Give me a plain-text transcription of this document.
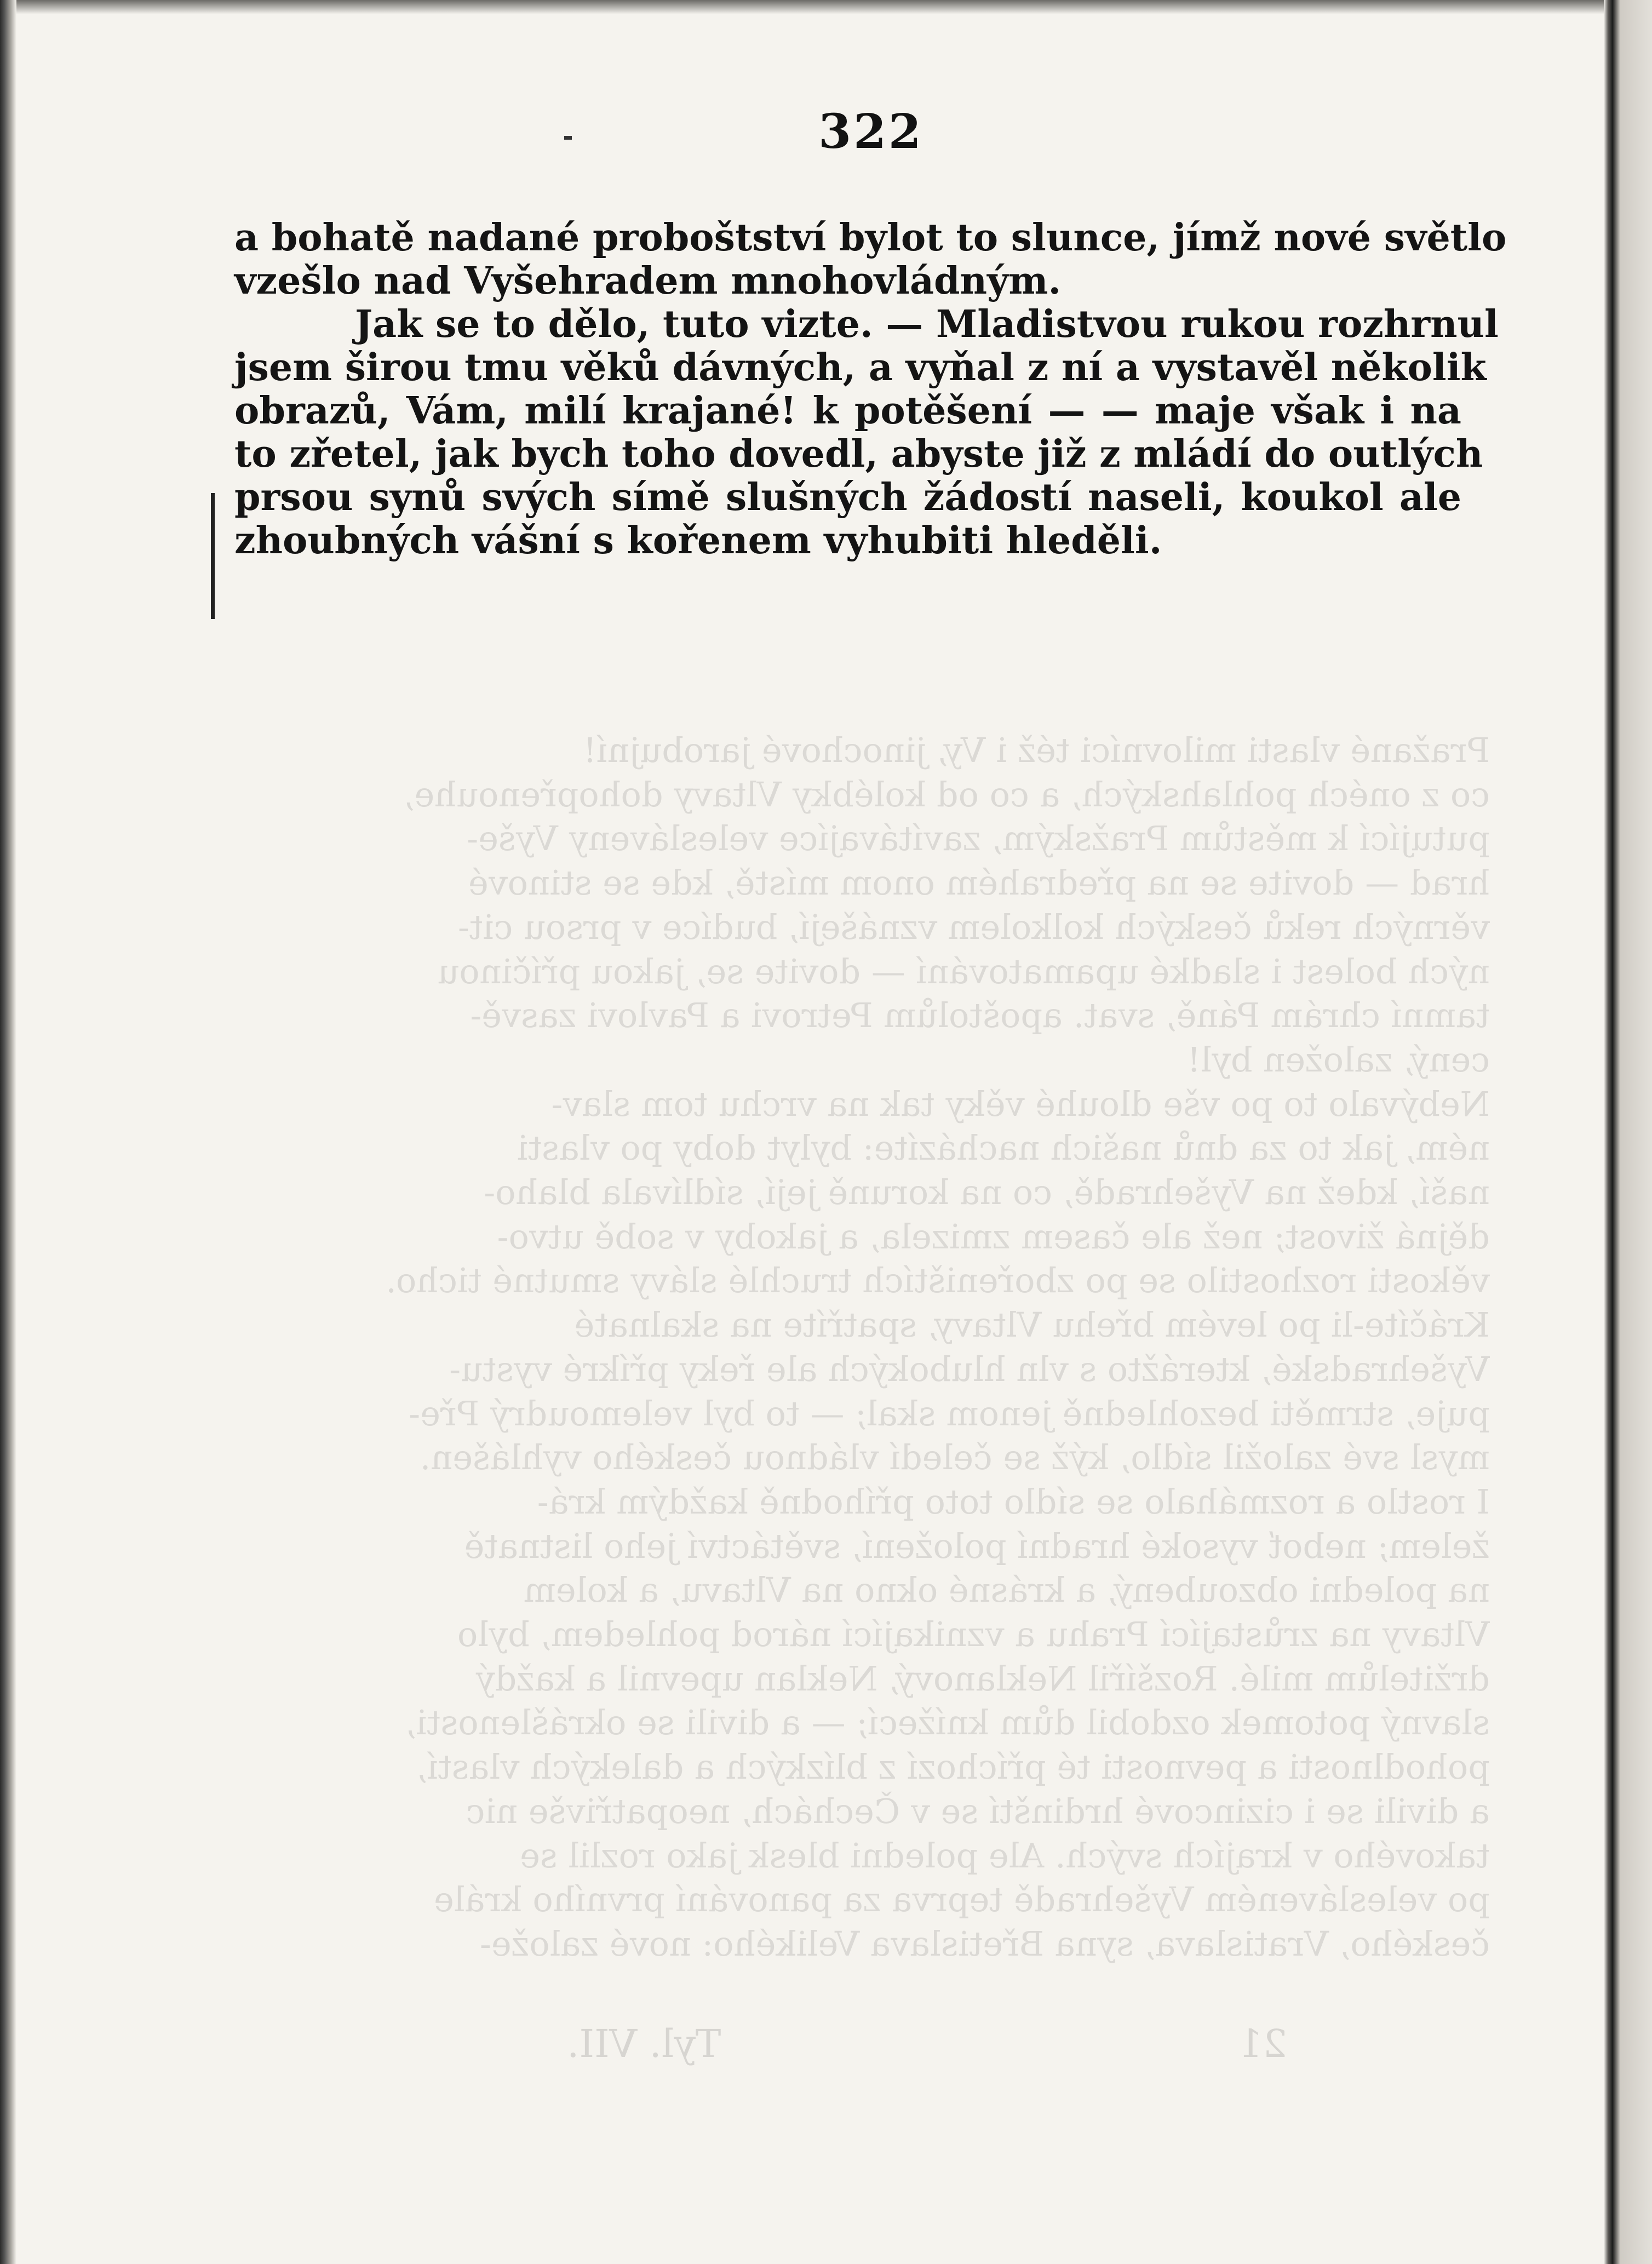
322
a bohatě nadané proboštství bylot to slunce, jímž nové světlo
vzešlo nad Vyšehradem mnohovládným.
Jak se to dělo, tuto vizte. — Mladistvou rukou rozhrnul
jsem širou tmu věků dávných, a vyňal z ní a vystavěl několik
obrazů, Vám, milí krajané! k potěšení — — maje však i na
to zřetel, jak bych toho dovedl, abyste již z mládí do outlých
prsou synů svých símě slušných žádostí naseli, koukol ale
zhoubných vášní s kořenem vyhubiti hleděli.
Pražané vlasti milovníci též i Vy, jinochové jarobujní!
co z onéch pohlahských, a co od kolébky Vltavy dohopřenouhe,
putující k městům Pražským, zavítávajíce velesláveny Vyše-
hrad — dovite se na předrahém onom místě, kde se stinové
věrných reků českých kolkolem vznášejí, budíce v prsou cit-
ných bolest i sladké upamatování — dovite se, jakou příčinou
tamní chrám Páně, svat. apoštolům Petrovi a Pavlovi zasvě-
cený, založen byl!
Nebývalo to po vše dlouhé věky tak na vrchu tom slav-
ném, jak to za dnů našich nacházíte: bylyt doby po vlasti
naší, kdež na Vyšehradě, co na koruně její, sídlívala blaho-
dějná živost; než ale časem zmizela, a jakoby v sobě utvo-
věkosti rozhostilo se po zbořeništích truchlé slávy smutné ticho.
Kráčíte-li po levém břehu Vltavy, spatříte na skalnaté
Vyšehradské, kterážto s vln hlubokých ale řeky příkré vystu-
puje, strměti bezohledně jenom skal; — to byl velemoudrý Pře-
mysl své založil sídlo, kýž se čeledí vládnou českého vyhlášen.
I rostlo a rozmáhalo se sídlo toto příhodně každým krá-
želem; neboť vysoké hradní položení, světáctví jeho listnatě
na poledni obzoubený, a krásné okno na Vltavu, a kolem
Vltavy na zrůstající Prahu a vznikající národ pohledem, bylo
držitelům milé. Rozšířil Neklanový, Neklan upevnil a každý
slavný potomek ozdobil dům knížecí; — a divili se okrášlenosti,
pohodlnosti a pevnosti té příchozí z blízkých a dalekých vlastí,
a divili se i cizincové hrdinští se v Čechách, neopatřivše nic
takového v krajích svých. Ale poledni blesk jako rozlil se
po velesláveném Vyšehradě teprva za panování prvního krále
českého, Vratislava, syna Břetislava Velikého: nové založe-
21  Tyl. VII.
